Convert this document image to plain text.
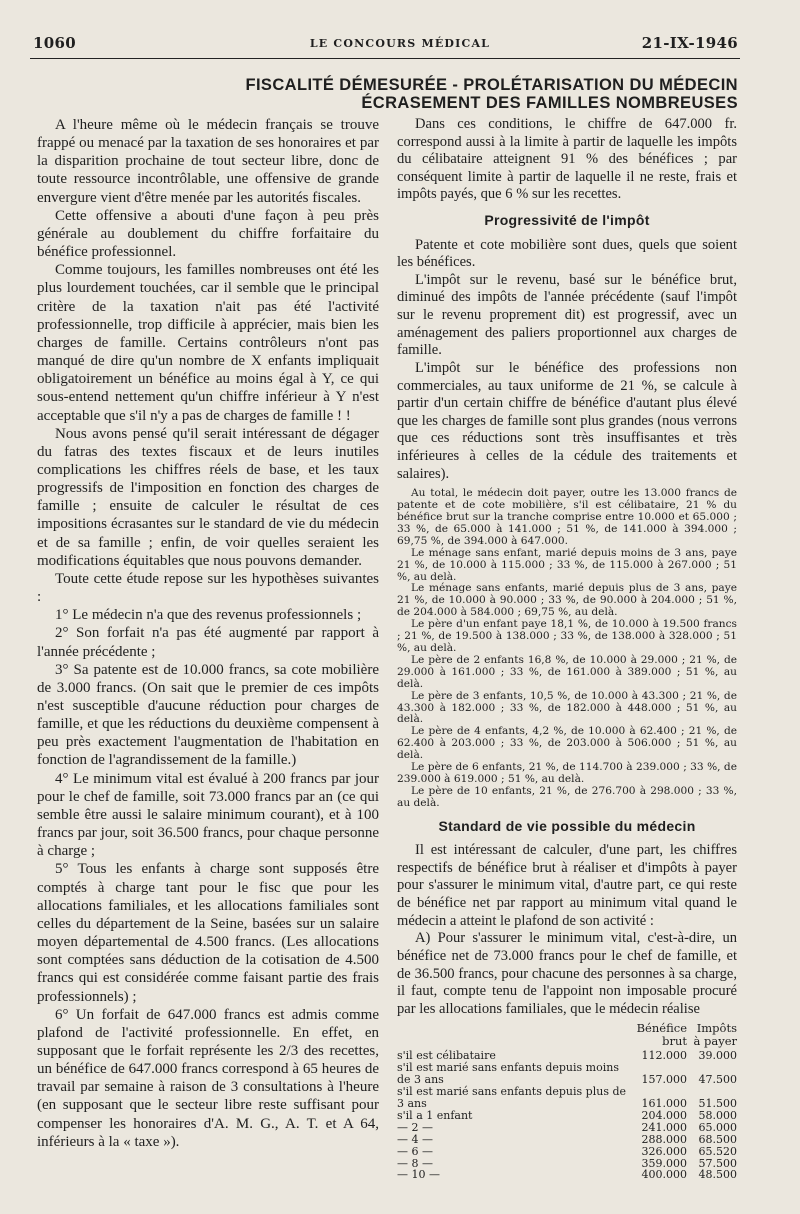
1060	LE CONCOURS MÉDICAL	21-IX-1946
FISCALITÉ DÉMESURÉE - PROLÉTARISATION DU MÉDECIN
ÉCRASEMENT DES FAMILLES NOMBREUSES

A l'heure même où le médecin français se trouve frappé ou menacé par la taxation de ses honoraires et par la disparition prochaine de tout secteur libre, donc de toute ressource incontrôlable, une offensive de grande envergure vient d'être menée par les autorités fiscales.

Cette offensive a abouti d'une façon à peu près générale au doublement du chiffre forfaitaire du bénéfice professionnel.

Comme toujours, les familles nombreuses ont été les plus lourdement touchées, car il semble que le principal critère de la taxation n'ait pas été l'activité professionnelle, trop difficile à apprécier, mais bien les charges de famille. Certains contrôleurs n'ont pas manqué de dire qu'un nombre de X enfants impliquait obligatoirement un bénéfice au moins égal à Y, ce qui sous-entend nettement qu'un chiffre inférieur à Y n'est acceptable que s'il n'y a pas de charges de famille ! !

Nous avons pensé qu'il serait intéressant de dégager du fatras des textes fiscaux et de leurs inutiles complications les chiffres réels de base, et les taux progressifs de l'imposition en fonction des charges de famille ; ensuite de calculer le résultat de ces impositions écrasantes sur le standard de vie du médecin et de sa famille ; enfin, de voir quelles seraient les modifications équitables que nous pouvons demander.

Toute cette étude repose sur les hypothèses suivantes :

1° Le médecin n'a que des revenus professionnels ;

2° Son forfait n'a pas été augmenté par rapport à l'année précédente ;

3° Sa patente est de 10.000 francs, sa cote mobilière de 3.000 francs. (On sait que le premier de ces impôts n'est susceptible d'aucune réduction pour charges de famille, et que les réductions du deuxième compensent à peu près exactement l'augmentation de l'habitation en fonction de l'agrandissement de la famille.)

4° Le minimum vital est évalué à 200 francs par jour pour le chef de famille, soit 73.000 francs par an (ce qui semble être aussi le salaire minimum courant), et à 100 francs par jour, soit 36.500 francs, pour chaque personne à charge ;

5° Tous les enfants à charge sont supposés être comptés à charge tant pour le fisc que pour les allocations familiales, et les allocations familiales sont celles du département de la Seine, basées sur un salaire moyen départemental de 4.500 francs. (Les allocations sont comptées sans déduction de la cotisation de 4.500 francs qui est considérée comme faisant partie des frais professionnels) ;

6° Un forfait de 647.000 francs est admis comme plafond de l'activité professionnelle. En effet, en supposant que le forfait représente les 2/3 des recettes, un bénéfice de 647.000 francs correspond à 65 heures de travail par semaine à raison de 3 consultations à l'heure (en supposant que le secteur libre reste suffisant pour compenser les honoraires d'A. M. G., A. T. et A 64, inférieurs à la « taxe »).

Dans ces conditions, le chiffre de 647.000 fr. correspond aussi à la limite à partir de laquelle les impôts du célibataire atteignent 91 % des bénéfices ; par conséquent limite à partir de laquelle il ne reste, frais et impôts payés, que 6 % sur les recettes.

Progressivité de l'impôt

Patente et cote mobilière sont dues, quels que soient les bénéfices.

L'impôt sur le revenu, basé sur le bénéfice brut, diminué des impôts de l'année précédente (sauf l'impôt sur le revenu proprement dit) est progressif, avec un aménagement des paliers proportionnel aux charges de famille.

L'impôt sur le bénéfice des professions non commerciales, au taux uniforme de 21 %, se calcule à partir d'un certain chiffre de bénéfice d'autant plus élevé que les charges de famille sont plus grandes (nous verrons que ces réductions sont très insuffisantes et très inférieures à celles de la cédule des traitements et salaires).

Au total, le médecin doit payer, outre les 13.000 francs de patente et de cote mobilière, s'il est célibataire, 21 % du bénéfice brut sur la tranche comprise entre 10.000 et 65.000 ; 33 %, de 65.000 à 141.000 ; 51 %, de 141.000 à 394.000 ; 69,75 %, de 394.000 à 647.000.

Le ménage sans enfant, marié depuis moins de 3 ans, paye 21 %, de 10.000 à 115.000 ; 33 %, de 115.000 à 267.000 ; 51 %, au delà.

Le ménage sans enfants, marié depuis plus de 3 ans, paye 21 %, de 10.000 à 90.000 ; 33 %, de 90.000 à 204.000 ; 51 %, de 204.000 à 584.000 ; 69,75 %, au delà.

Le père d'un enfant paye 18,1 %, de 10.000 à 19.500 francs ; 21 %, de 19.500 à 138.000 ; 33 %, de 138.000 à 328.000 ; 51 %, au delà.

Le père de 2 enfants 16,8 %, de 10.000 à 29.000 ; 21 %, de 29.000 à 161.000 ; 33 %, de 161.000 à 389.000 ; 51 %, au delà.

Le père de 3 enfants, 10,5 %, de 10.000 à 43.300 ; 21 %, de 43.300 à 182.000 ; 33 %, de 182.000 à 448.000 ; 51 %, au delà.

Le père de 4 enfants, 4,2 %, de 10.000 à 62.400 ; 21 %, de 62.400 à 203.000 ; 33 %, de 203.000 à 506.000 ; 51 %, au delà.

Le père de 6 enfants, 21 %, de 114.700 à 239.000 ; 33 %, de 239.000 à 619.000 ; 51 %, au delà.

Le père de 10 enfants, 21 %, de 276.700 à 298.000 ; 33 %, au delà.

Standard de vie possible du médecin

Il est intéressant de calculer, d'une part, les chiffres respectifs de bénéfice brut à réaliser et d'impôts à payer pour s'assurer le minimum vital, d'autre part, ce qui reste de bénéfice net par rapport au minimum vital quand le médecin a atteint le plafond de son activité :

A) Pour s'assurer le minimum vital, c'est-à-dire, un bénéfice net de 73.000 francs pour le chef de famille, et de 36.500 francs, pour chacune des personnes à sa charge, il faut, compte tenu de l'appoint non imposable procuré par les allocations familiales, que le médecin réalise

	Bénéfice brut	Impôts à payer
s'il est célibataire	112.000	39.000
s'il est marié sans enfants depuis moins de 3 ans	157.000	47.500
s'il est marié sans enfants depuis plus de 3 ans	161.000	51.500
s'il a 1 enfant	204.000	58.000
— 2 —	241.000	65.000
— 4 —	288.000	68.500
— 6 —	326.000	65.520
— 8 —	359.000	57.500
— 10 —	400.000	48.500
